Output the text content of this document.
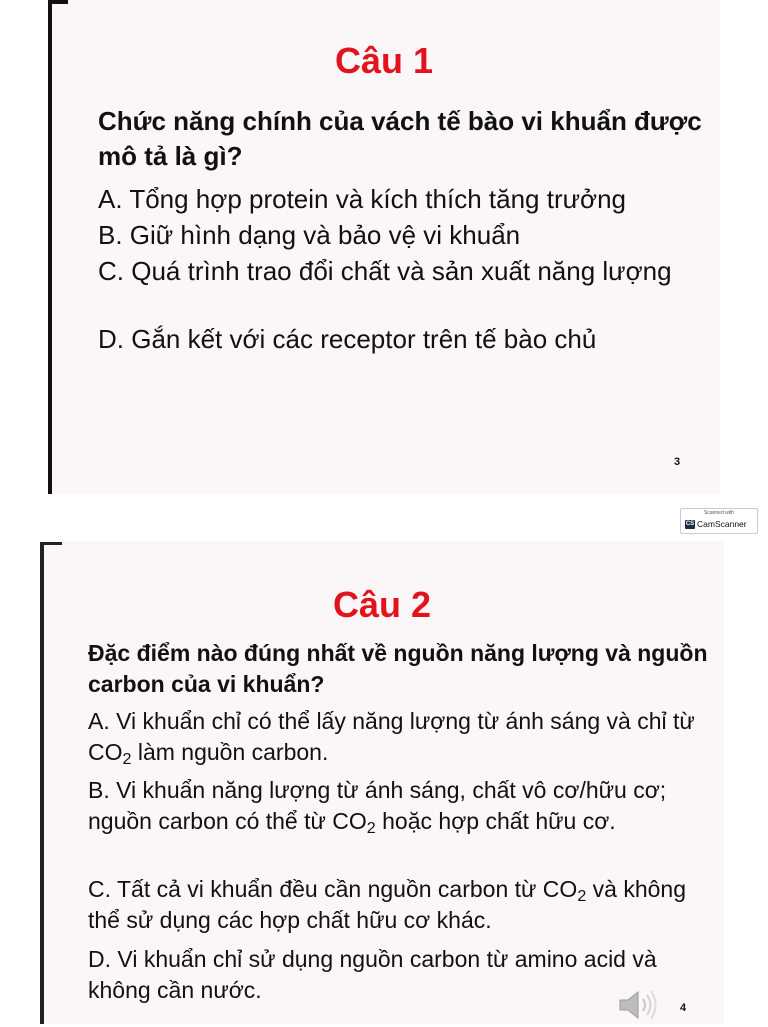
Câu 1
Chức năng chính của vách tế bào vi khuẩn được mô tả là gì?
A. Tổng hợp protein và kích thích tăng trưởng
B. Giữ hình dạng và bảo vệ vi khuẩn
C. Quá trình trao đổi chất và sản xuất năng lượng
D. Gắn kết với các receptor trên tế bào chủ
3
Scanned with
CS CamScanner
Câu 2
Đặc điểm nào đúng nhất về nguồn năng lượng và nguồn carbon của vi khuẩn?
A. Vi khuẩn chỉ có thể lấy năng lượng từ ánh sáng và chỉ từ $CO_2$ làm nguồn carbon.
B. Vi khuẩn năng lượng từ ánh sáng, chất vô cơ/hữu cơ; nguồn carbon có thể từ $CO_2$ hoặc hợp chất hữu cơ.
C. Tất cả vi khuẩn đều cần nguồn carbon từ $CO_2$ và không thể sử dụng các hợp chất hữu cơ khác.
D. Vi khuẩn chỉ sử dụng nguồn carbon từ amino acid và không cần nước.
4
